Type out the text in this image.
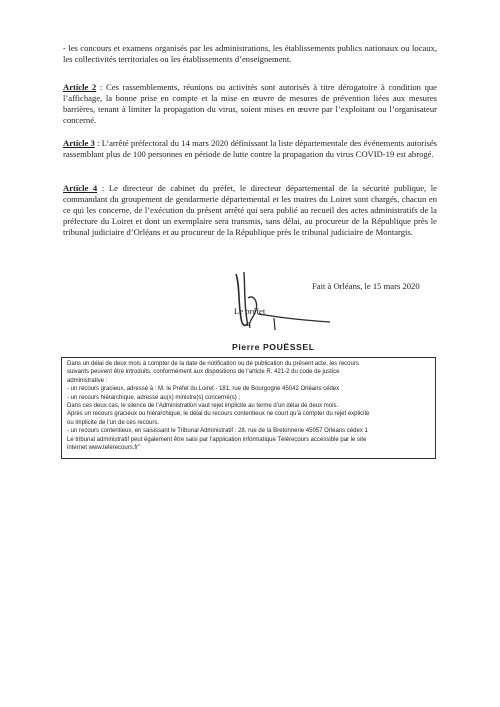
- les concours et examens organisés par les administrations, les établissements publics nationaux ou locaux, les collectivités territoriales ou les établissements d’enseignement.

Article 2 : Ces rassemblements, réunions ou activités sont autorisés à titre dérogatoire à condition que l’affichage, la bonne prise en compte et la mise en œuvre de mesures de prévention liées aux mesures barrières, tenant à limiter la propagation du virus, soient mises en œuvre par l’exploitant ou l’organisateur concerné.

Article 3 : L’arrêté préfectoral du 14 mars 2020 définissant la liste départementale des événements autorisés rassemblant plus de 100 personnes en période de lutte contre la propagation du virus COVID-19 est abrogé.

Article 4 : Le directeur de cabinet du préfet, le directeur départemental de la sécurité publique, le commandant du groupement de gendarmerie départemental et les maires du Loiret sont chargés, chacun en ce qui les concerne, de l’exécution du présent arrêté qui sera publié au recueil des actes administratifs de la préfecture du Loiret et dont un exemplaire sera transmis, sans délai, au procureur de la République près le tribunal judiciaire d’Orléans et au procureur de la République près le tribunal judiciaire de Montargis.

Fait à Orléans, le 15 mars 2020
Le préfet
Pierre POUËSSEL
Dans un délai de deux mois à compter de la date de notification ou de publication du présent acte, les recours
suivants peuvent être introduits, conformément aux dispositions de l’article R. 421-2 du code de justice
administrative :
- un recours gracieux, adressé à : M. le Préfet du Loiret - 181, rue de Bourgogne 45042 Orléans cédex
- un recours hiérarchique, adressé au(x) ministre(s) concerné(s) ;
Dans ces deux cas, le silence de l’Administration vaut rejet implicite au terme d’un délai de deux mois.
Après un recours gracieux ou hiérarchique, le délai du recours contentieux ne court qu’à compter du rejet explicite
ou implicite de l’un de ces recours.
- un recours contentieux, en saisissant le Tribunal Administratif : 28, rue de la Bretonnerie 45057 Orléans cédex 1
Le tribunal administratif peut également être saisi par l’application informatique Télérecours accessible par le site
internet www.telerecours.fr”
